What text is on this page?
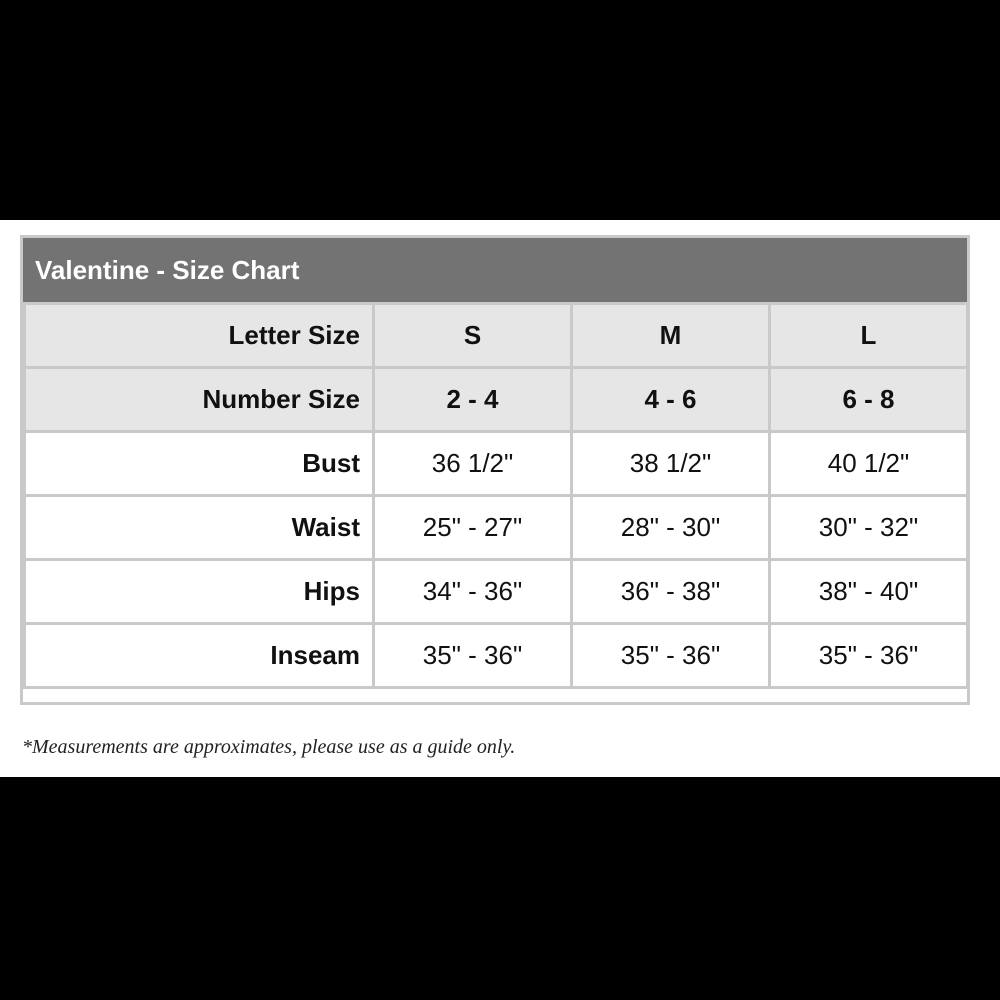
Valentine - Size Chart
Letter Size	S	M	L
Number Size	2 - 4	4 - 6	6 - 8
Bust	36 1/2"	38 1/2"	40 1/2"
Waist	25" - 27"	28" - 30"	30" - 32"
Hips	34" - 36"	36" - 38"	38" - 40"
Inseam	35" - 36"	35" - 36"	35" - 36"
*Measurements are approximates, please use as a guide only.
